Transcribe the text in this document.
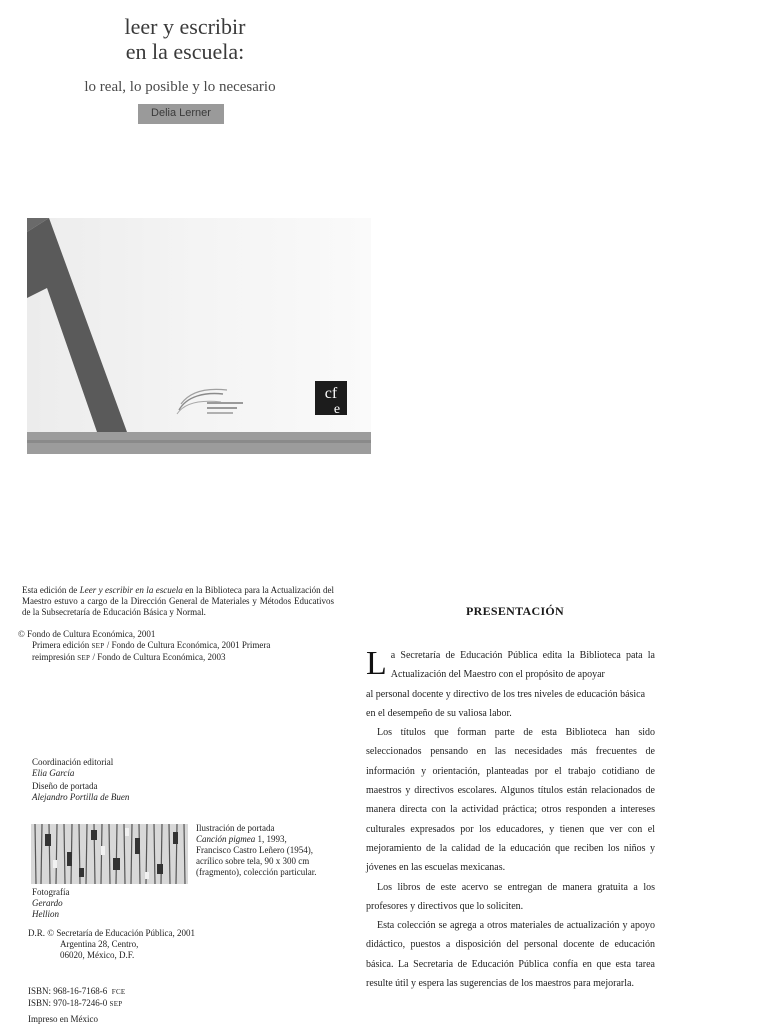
leer y escribir
en la escuela:
lo real, lo posible y lo necesario
Delia Lerner
cf
e
Esta edición de Leer y escribir en la escuela en la Biblioteca para la Actualización del Maestro estuvo a cargo de la Dirección General de Materiales y Métodos Educativos de la Subsecretaría de Educación Básica y Normal.
© Fondo de Cultura Económica, 2001
Primera edición SEP / Fondo de Cultura Económica, 2001 Primera
reimpresión SEP / Fondo de Cultura Económica, 2003
Coordinación editorial
Elia García
Diseño de portada
Alejandro Portilla de Buen
Ilustración de portada
Canción pigmea 1, 1993,
Francisco Castro Leñero (1954),
acrílico sobre tela, 90 x 300 cm
(fragmento), colección particular.
Fotografía
Gerardo
Hellion
D.R. © Secretaría de Educación Pública, 2001
Argentina 28, Centro,
06020, México, D.F.
ISBN: 968-16-7168-6 FCE
ISBN: 970-18-7246-0 SEP
Impreso en México
PRESENTACIÓN

La Secretaría de Educación Pública edita la Biblioteca pata la Actualización del Maestro con el propósito de apoyar

al personal docente y directivo de los tres niveles de educación básica en el desempeño de su valiosa labor.

Los títulos que forman parte de esta Biblioteca han sido seleccionados pensando en las necesidades más frecuentes de información y orientación, planteadas por el trabajo cotidiano de maestros y directivos escolares. Algunos títulos están relacionados de manera directa con la actividad práctica; otros responden a intereses culturales expresados por los educadores, y tienen que ver con el mejoramiento de la calidad de la educación que reciben los niños y jóvenes en las escuelas mexicanas.

Los libros de este acervo se entregan de manera gratuita a los profesores y directivos que lo soliciten.

Esta colección se agrega a otros materiales de actualización y apoyo didáctico, puestos a disposición del personal docente de educación básica. La Secretaria de Educación Pública confía en que esta tarea resulte útil y espera las sugerencias de los maestros para mejorarla.
